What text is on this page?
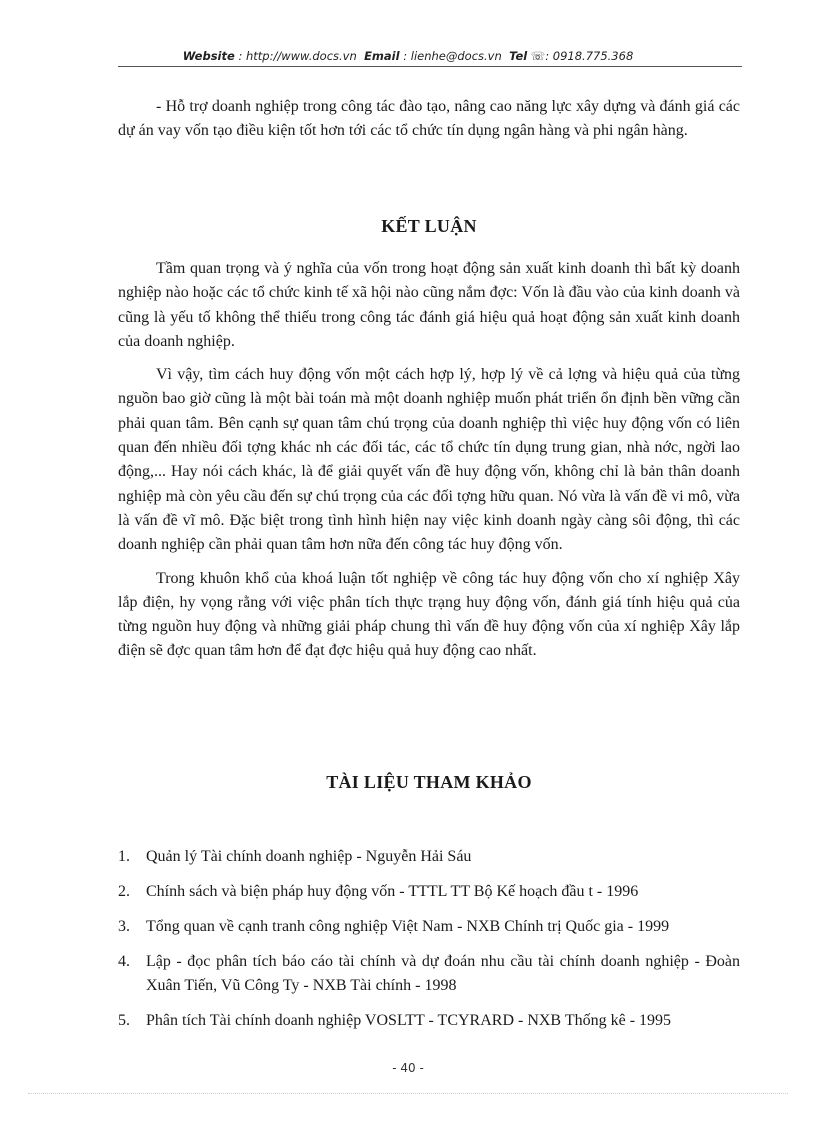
Website : http://www.docs.vn Email : lienhe@docs.vn Tel ☏: 0918.775.368

- Hỗ trợ doanh nghiệp trong công tác đào tạo, nâng cao năng lực xây dựng và đánh giá các dự án vay vốn tạo điều kiện tốt hơn tới các tổ chức tín dụng ngân hàng và phi ngân hàng.

KẾT LUẬN

Tầm quan trọng và ý nghĩa của vốn trong hoạt động sản xuất kinh doanh thì bất kỳ doanh nghiệp nào hoặc các tổ chức kinh tế xã hội nào cũng nắm đợc: Vốn là đầu vào của kinh doanh và cũng là yếu tố không thể thiếu trong công tác đánh giá hiệu quả hoạt động sản xuất kinh doanh của doanh nghiệp.

Vì vậy, tìm cách huy động vốn một cách hợp lý, hợp lý về cả lợng và hiệu quả của từng nguồn bao giờ cũng là một bài toán mà một doanh nghiệp muốn phát triển ổn định bền vững cần phải quan tâm. Bên cạnh sự quan tâm chú trọng của doanh nghiệp thì việc huy động vốn có liên quan đến nhiều đối tợng khác nh các đối tác, các tổ chức tín dụng trung gian, nhà nớc, ngời lao động,... Hay nói cách khác, là để giải quyết vấn đề huy động vốn, không chỉ là bản thân doanh nghiệp mà còn yêu cầu đến sự chú trọng của các đối tợng hữu quan. Nó vừa là vấn đề vi mô, vừa là vấn đề vĩ mô. Đặc biệt trong tình hình hiện nay việc kinh doanh ngày càng sôi động, thì các doanh nghiệp cần phải quan tâm hơn nữa đến công tác huy động vốn.

Trong khuôn khổ của khoá luận tốt nghiệp về công tác huy động vốn cho xí nghiệp Xây lắp điện, hy vọng rằng với việc phân tích thực trạng huy động vốn, đánh giá tính hiệu quả của từng nguồn huy động và những giải pháp chung thì vấn đề huy động vốn của xí nghiệp Xây lắp điện sẽ đợc quan tâm hơn để đạt đợc hiệu quả huy động cao nhất.

TÀI LIỆU THAM KHẢO
1. Quản lý Tài chính doanh nghiệp - Nguyễn Hải Sáu
2. Chính sách và biện pháp huy động vốn - TTTL TT Bộ Kế hoạch đầu t - 1996
3. Tổng quan về cạnh tranh công nghiệp Việt Nam - NXB Chính trị Quốc gia - 1999
4. Lập - đọc phân tích báo cáo tài chính và dự đoán nhu cầu tài chính doanh nghiệp - Đoàn Xuân Tiến, Vũ Công Ty - NXB Tài chính - 1998
5. Phân tích Tài chính doanh nghiệp VOSLTT - TCYRARD - NXB Thống kê - 1995
- 40 -
